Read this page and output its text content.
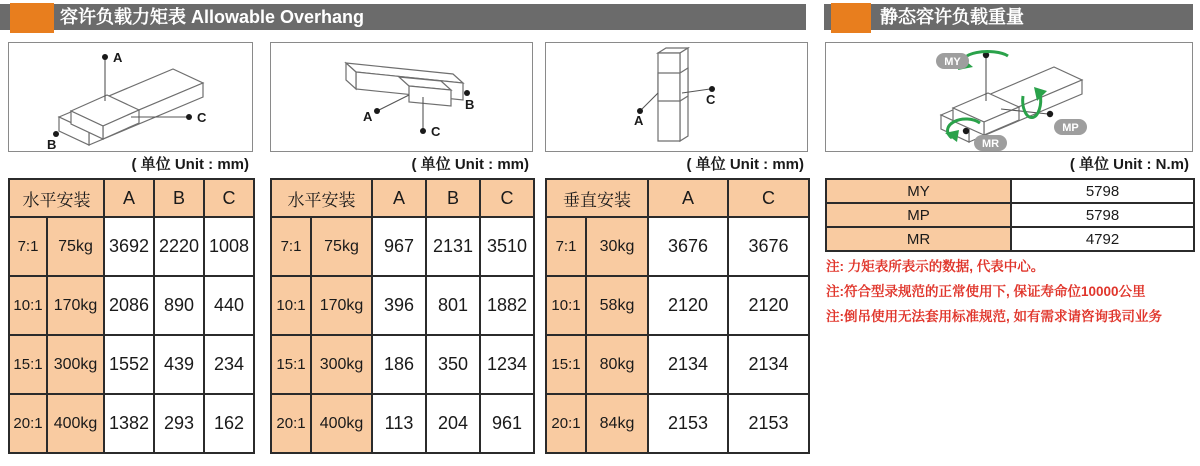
容许负载力矩表 Allowable Overhang	静态容许负载重量
A
B
C
( 单位 Unit : mm)
A
B
C
( 单位 Unit : mm)
A
C
( 单位 Unit : mm)
MY
MP
MR
( 单位 Unit : N.m)
水平安装		A	B	C
7:1	75kg	3692	2220	1008
10:1	170kg	2086	890	440
15:1	300kg	1552	439	234
20:1	400kg	1382	293	162
水平安装		A	B	C
7:1	75kg	967	2131	3510
10:1	170kg	396	801	1882
15:1	300kg	186	350	1234
20:1	400kg	113	204	961
垂直安装		A	C
7:1	30kg	3676	3676
10:1	58kg	2120	2120
15:1	80kg	2134	2134
20:1	84kg	2153	2153
MY	5798
MP	5798
MR	4792
注: 力矩表所表示的数据, 代表中心。
注:符合型录规范的正常使用下, 保证寿命位10000公里
注:倒吊使用无法套用标准规范, 如有需求请咨询我司业务
